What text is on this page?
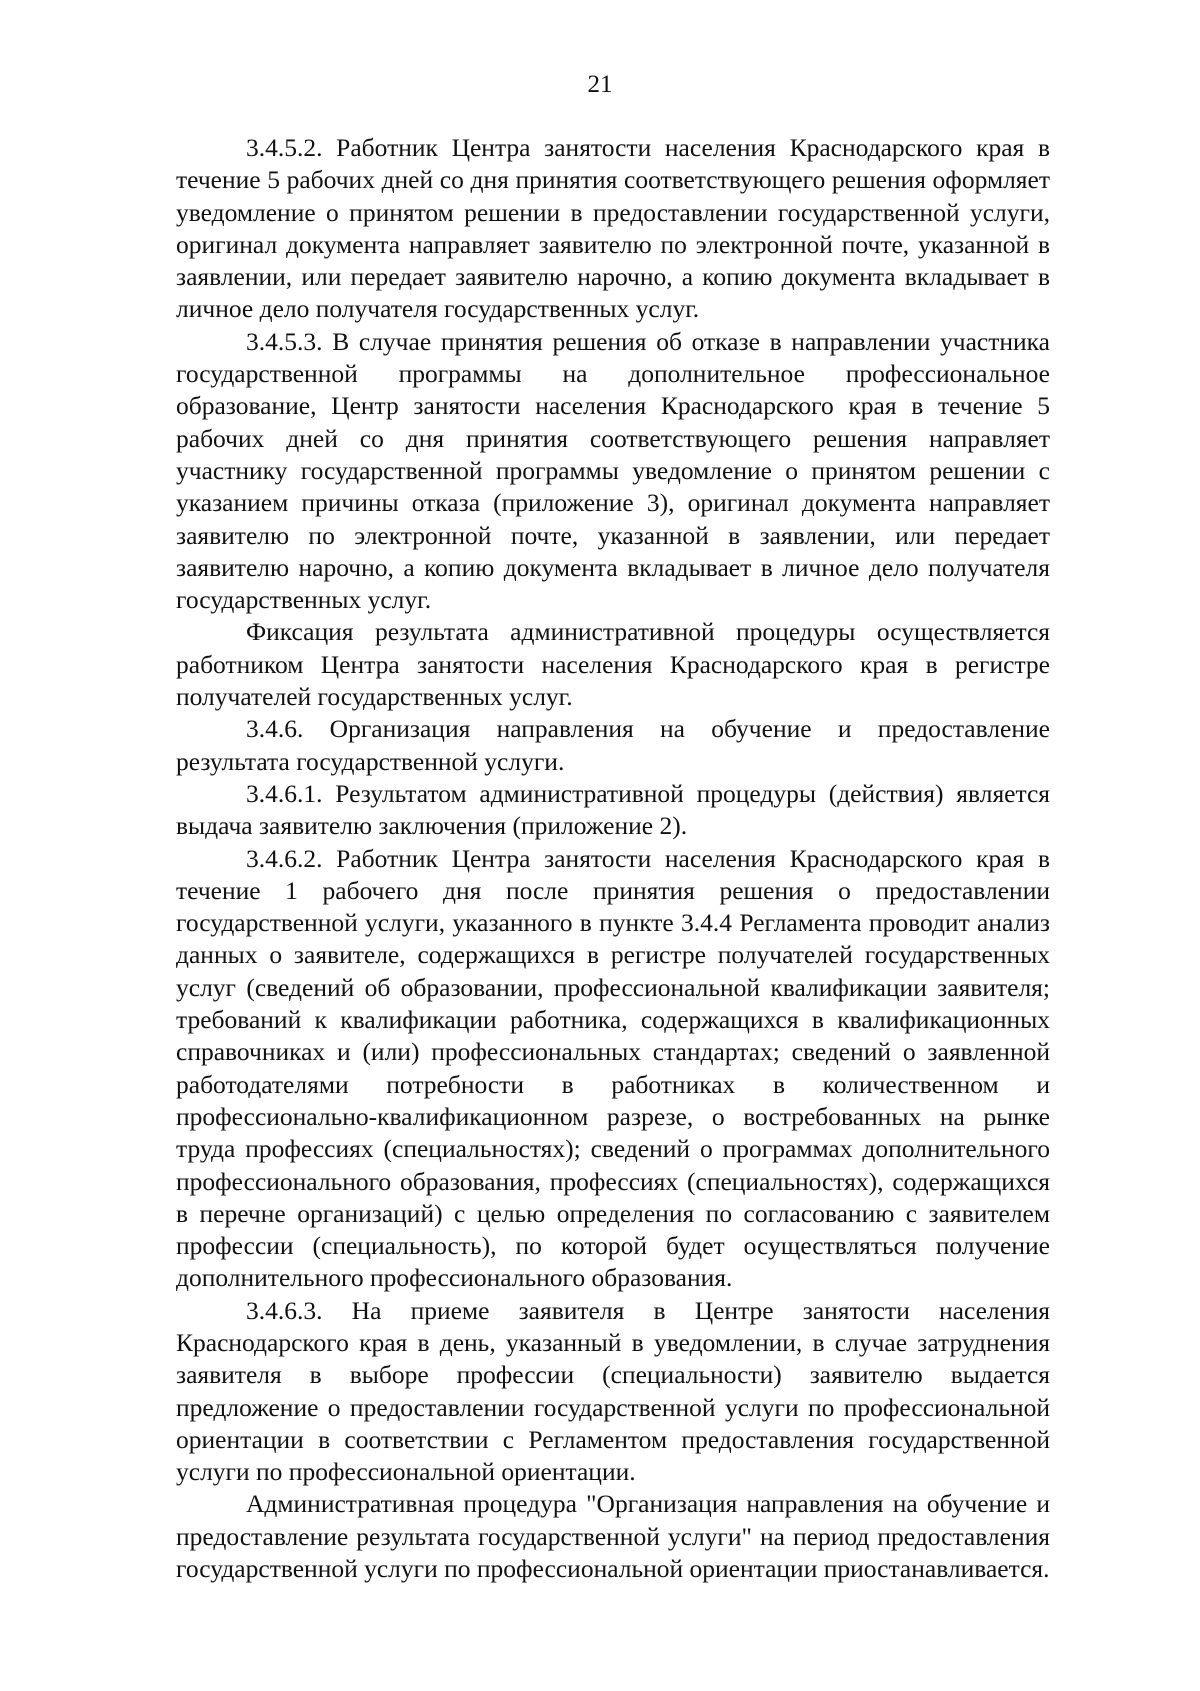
21

3.4.5.2. Работник Центра занятости населения Краснодарского края в течение 5 рабочих дней со дня принятия соответствующего решения оформляет уведомление о принятом решении в предоставлении государственной услуги, оригинал документа направляет заявителю по электронной почте, указанной в заявлении, или передает заявителю нарочно, а копию документа вкладывает в личное дело получателя государственных услуг.

3.4.5.3. В случае принятия решения об отказе в направлении участника государственной программы на дополнительное профессиональное образование, Центр занятости населения Краснодарского края в течение 5 рабочих дней со дня принятия соответствующего решения направляет участнику государственной программы уведомление о принятом решении с указанием причины отказа (приложение 3), оригинал документа направляет заявителю по электронной почте, указанной в заявлении, или передает заявителю нарочно, а копию документа вкладывает в личное дело получателя государственных услуг.

Фиксация результата административной процедуры осуществляется работником Центра занятости населения Краснодарского края в регистре получателей государственных услуг.

3.4.6. Организация направления на обучение и предоставление результата государственной услуги.

3.4.6.1. Результатом административной процедуры (действия) является выдача заявителю заключения (приложение 2).

3.4.6.2. Работник Центра занятости населения Краснодарского края в течение 1 рабочего дня после принятия решения о предоставлении государственной услуги, указанного в пункте 3.4.4 Регламента проводит анализ данных о заявителе, содержащихся в регистре получателей государственных услуг (сведений об образовании, профессиональной квалификации заявителя; требований к квалификации работника, содержащихся в квалификационных справочниках и (или) профессиональных стандартах; сведений о заявленной работодателями потребности в работниках в количественном и профессионально-квалификационном разрезе, о востребованных на рынке труда профессиях (специальностях); сведений о программах дополнительного профессионального образования, профессиях (специальностях), содержащихся в перечне организаций) с целью определения по согласованию с заявителем профессии (специальность), по которой будет осуществляться получение дополнительного профессионального образования.

3.4.6.3. На приеме заявителя в Центре занятости населения Краснодарского края в день, указанный в уведомлении, в случае затруднения заявителя в выборе профессии (специальности) заявителю выдается предложение о предоставлении государственной услуги по профессиональной ориентации в соответствии с Регламентом предоставления государственной услуги по профессиональной ориентации.

Административная процедура "Организация направления на обучение и предоставление результата государственной услуги" на период предоставления государственной услуги по профессиональной ориентации приостанавливается.
